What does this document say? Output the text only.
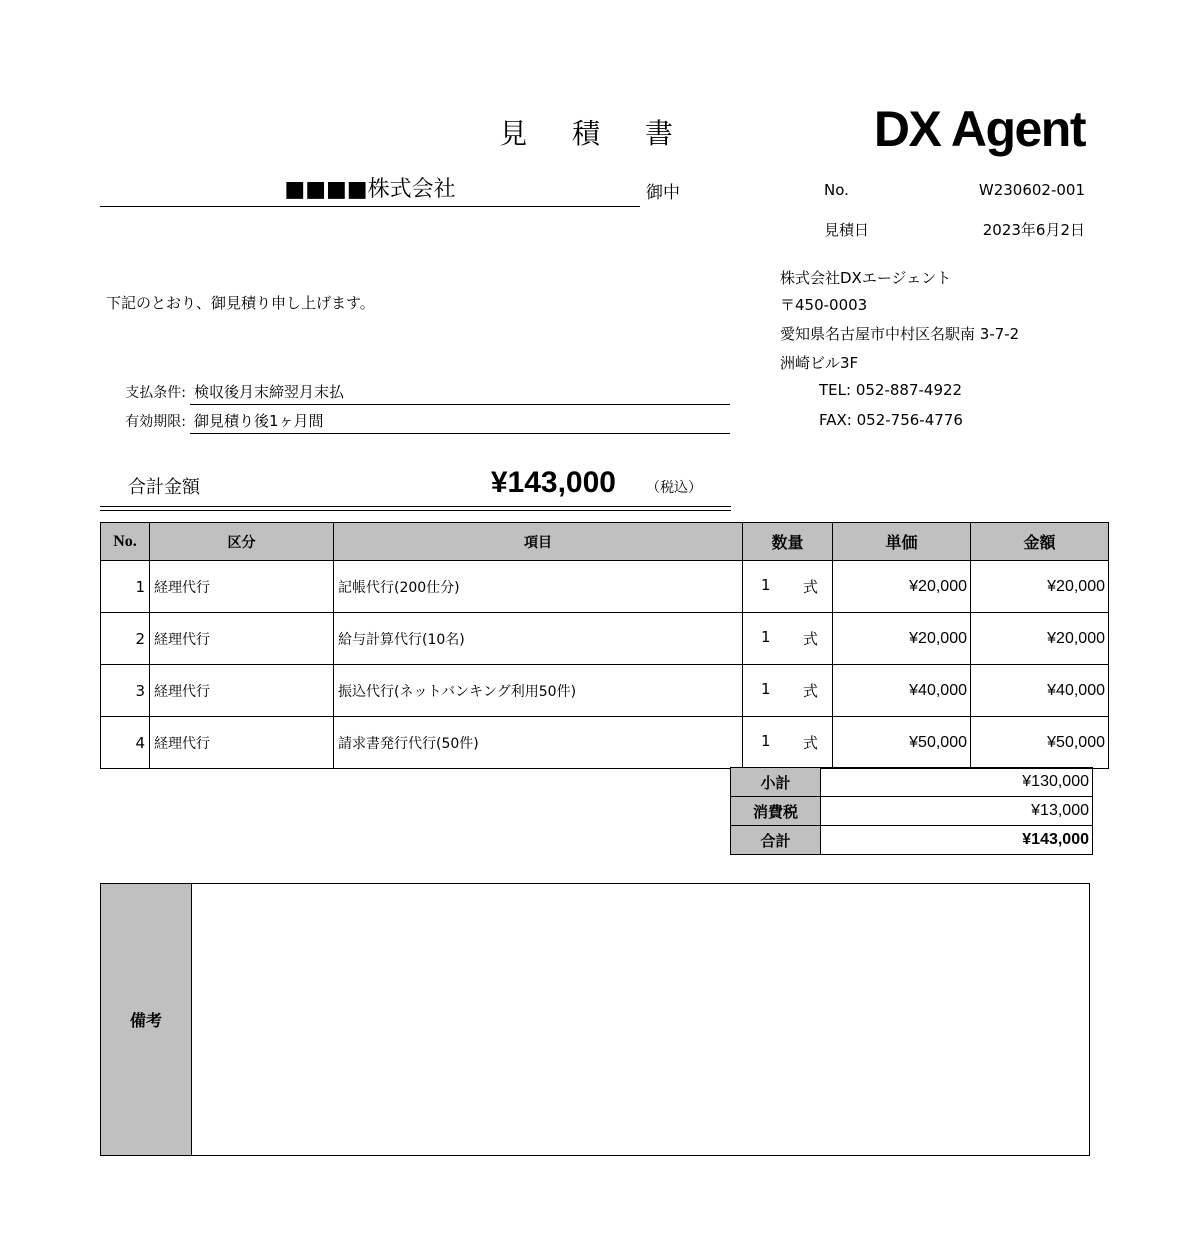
見 積 書	DX Agent
■■■■株式会社	御中	No.	W230602-001
見積日	2023年6月2日
株式会社DXエージェント
〒450-0003
愛知県名古屋市中村区名駅南 3-7-2
洲崎ビル3F
TEL: 052-887-4922
FAX: 052-756-4776
下記のとおり、御見積り申し上げます。
支払条件: 検収後月末締翌月末払
有効期限: 御見積り後1ヶ月間
合計金額	¥143,000 （税込）
No.	区分	項目	数量	単価	金額
1	経理代行	記帳代行(200仕分)	1 式	¥20,000	¥20,000
2	経理代行	給与計算代行(10名)	1 式	¥20,000	¥20,000
3	経理代行	振込代行(ネットバンキング利用50件)	1 式	¥40,000	¥40,000
4	経理代行	請求書発行代行(50件)	1 式	¥50,000	¥50,000
小計	¥130,000
消費税	¥13,000
合計	¥143,000
備考
